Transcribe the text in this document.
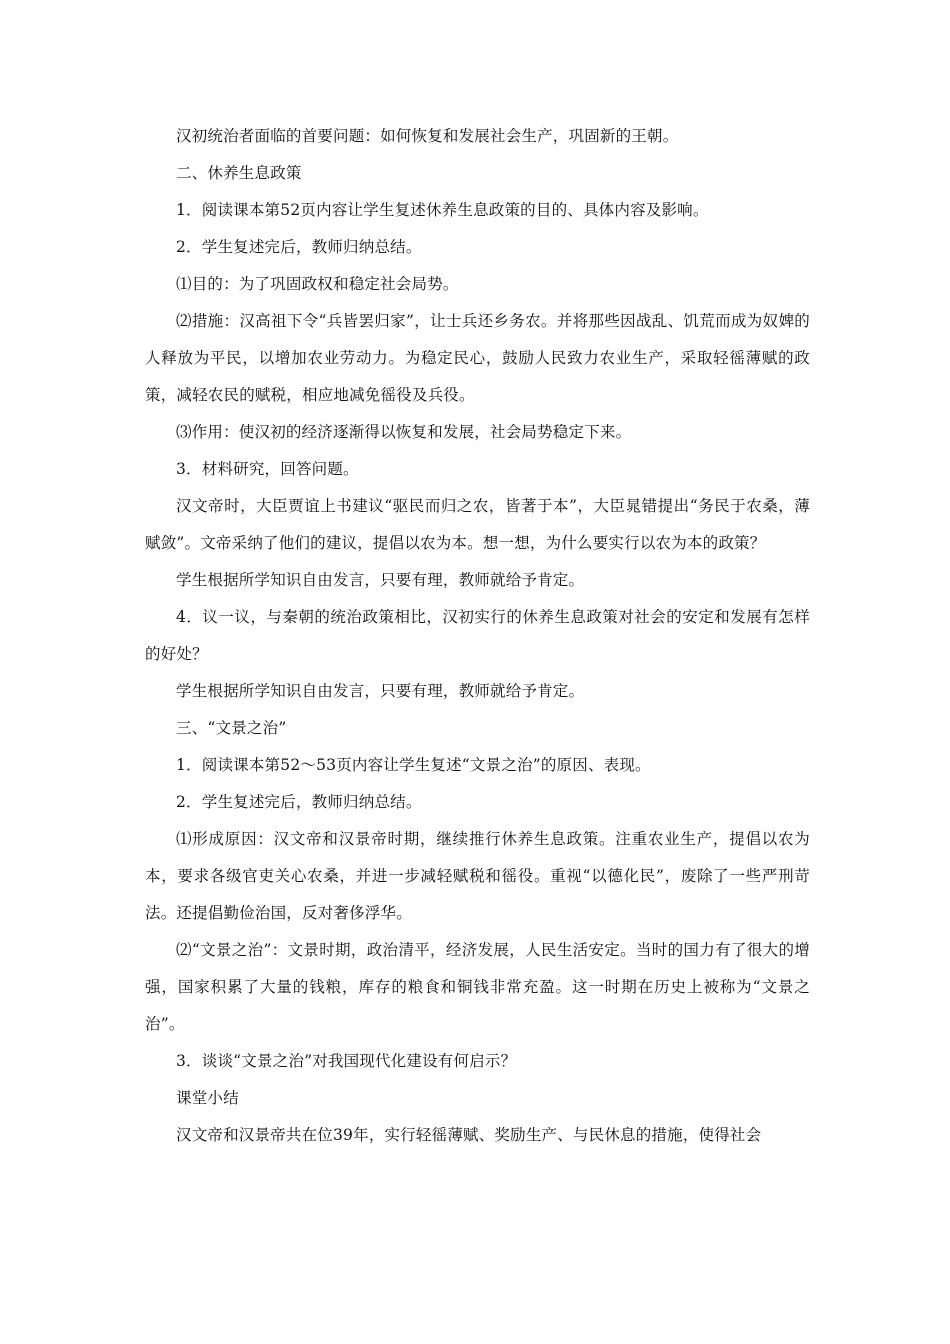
汉初统治者面临的首要问题：如何恢复和发展社会生产，巩固新的王朝。

二、休养生息政策

1．阅读课本第52页内容让学生复述休养生息政策的目的、具体内容及影响。

2．学生复述完后，教师归纳总结。

⑴目的：为了巩固政权和稳定社会局势。

⑵措施：汉高祖下令“兵皆罢归家”，让士兵还乡务农。并将那些因战乱、饥荒而成为奴婢的人释放为平民，以增加农业劳动力。为稳定民心，鼓励人民致力农业生产，采取轻徭薄赋的政策，减轻农民的赋税，相应地减免徭役及兵役。

⑶作用：使汉初的经济逐渐得以恢复和发展，社会局势稳定下来。

3．材料研究，回答问题。

汉文帝时，大臣贾谊上书建议“驱民而归之农，皆著于本”，大臣晁错提出“务民于农桑，薄赋敛”。文帝采纳了他们的建议，提倡以农为本。想一想，为什么要实行以农为本的政策？

学生根据所学知识自由发言，只要有理，教师就给予肯定。

4．议一议，与秦朝的统治政策相比，汉初实行的休养生息政策对社会的安定和发展有怎样的好处？

学生根据所学知识自由发言，只要有理，教师就给予肯定。

三、“文景之治”

1．阅读课本第52～53页内容让学生复述“文景之治”的原因、表现。

2．学生复述完后，教师归纳总结。

⑴形成原因：汉文帝和汉景帝时期，继续推行休养生息政策。注重农业生产，提倡以农为本，要求各级官吏关心农桑，并进一步减轻赋税和徭役。重视“以德化民”，废除了一些严刑苛法。还提倡勤俭治国，反对奢侈浮华。

⑵“文景之治”：文景时期，政治清平，经济发展，人民生活安定。当时的国力有了很大的增强，国家积累了大量的钱粮，库存的粮食和铜钱非常充盈。这一时期在历史上被称为“文景之治”。

3．谈谈“文景之治”对我国现代化建设有何启示？

课堂小结

汉文帝和汉景帝共在位39年，实行轻徭薄赋、奖励生产、与民休息的措施，使得社会
